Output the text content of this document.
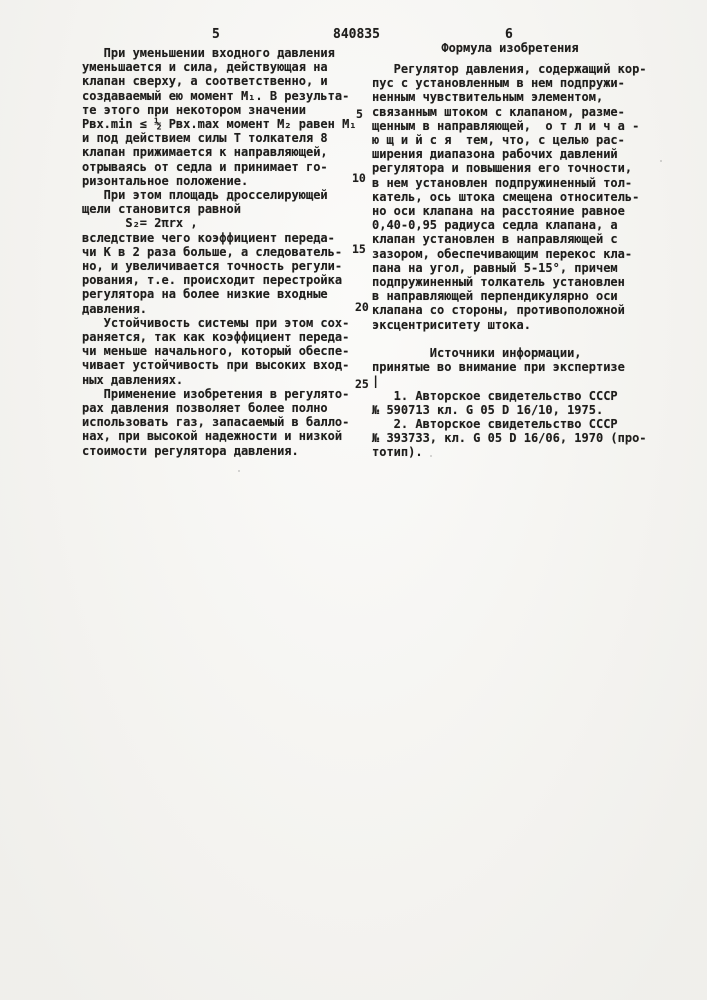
5	840835	6
Формула изобретения
При уменьшении входного давления
уменьшается и сила, действующая на
клапан сверху, а соответственно, и
создаваемый ею момент М₁. В результа-
те этого при некотором значении
Pвх.min ≤ ½ Pвх.max момент М₂ равен М₁
и под действием силы Т толкателя 8
клапан прижимается к направляющей,
отрываясь от седла и принимает го-
ризонтальное положение.
При этом площадь дросселирующей
щели становится равной
S₂= 2πrх ,
вследствие чего коэффициент переда-
чи К в 2 раза больше, а следователь-
но, и увеличивается точность регули-
рования, т.е. происходит перестройка
регулятора на более низкие входные
давления.
Устойчивость системы при этом сох-
раняется, так как коэффициент переда-
чи меньше начального, который обеспе-
чивает устойчивость при высоких вход-
ных давлениях.
Применение изобретения в регулято-
рах давления позволяет более полно
использовать газ, запасаемый в балло-
нах, при высокой надежности и низкой
стоимости регулятора давления.
Регулятор давления, содержащий кор-
пус с установленным в нем подпружи-
ненным чувствительным элементом,
связанным штоком с клапаном, разме-
щенным в направляющей,  о т л и ч а -
ю щ и й с я  тем, что, с целью рас-
ширения диапазона рабочих давлений
регулятора и повышения его точности,
в нем установлен подпружиненный тол-
катель, ось штока смещена относитель-
но оси клапана на расстояние равное
0,40-0,95 радиуса седла клапана, а
клапан установлен в направляющей с
зазором, обеспечивающим перекос кла-
пана на угол, равный 5-15°, причем
подпружиненный толкатель установлен
в направляющей перпендикулярно оси
клапана со стороны, противоположной
эксцентриситету штока.

Источники информации,
принятые во внимание при экспертизе
|
1. Авторское свидетельство СССР
№ 590713 кл. G 05 D 16/10, 1975.
2. Авторское свидетельство СССР
№ 393733, кл. G 05 D 16/06, 1970 (про-
тотип).
5
10
15
20
25
